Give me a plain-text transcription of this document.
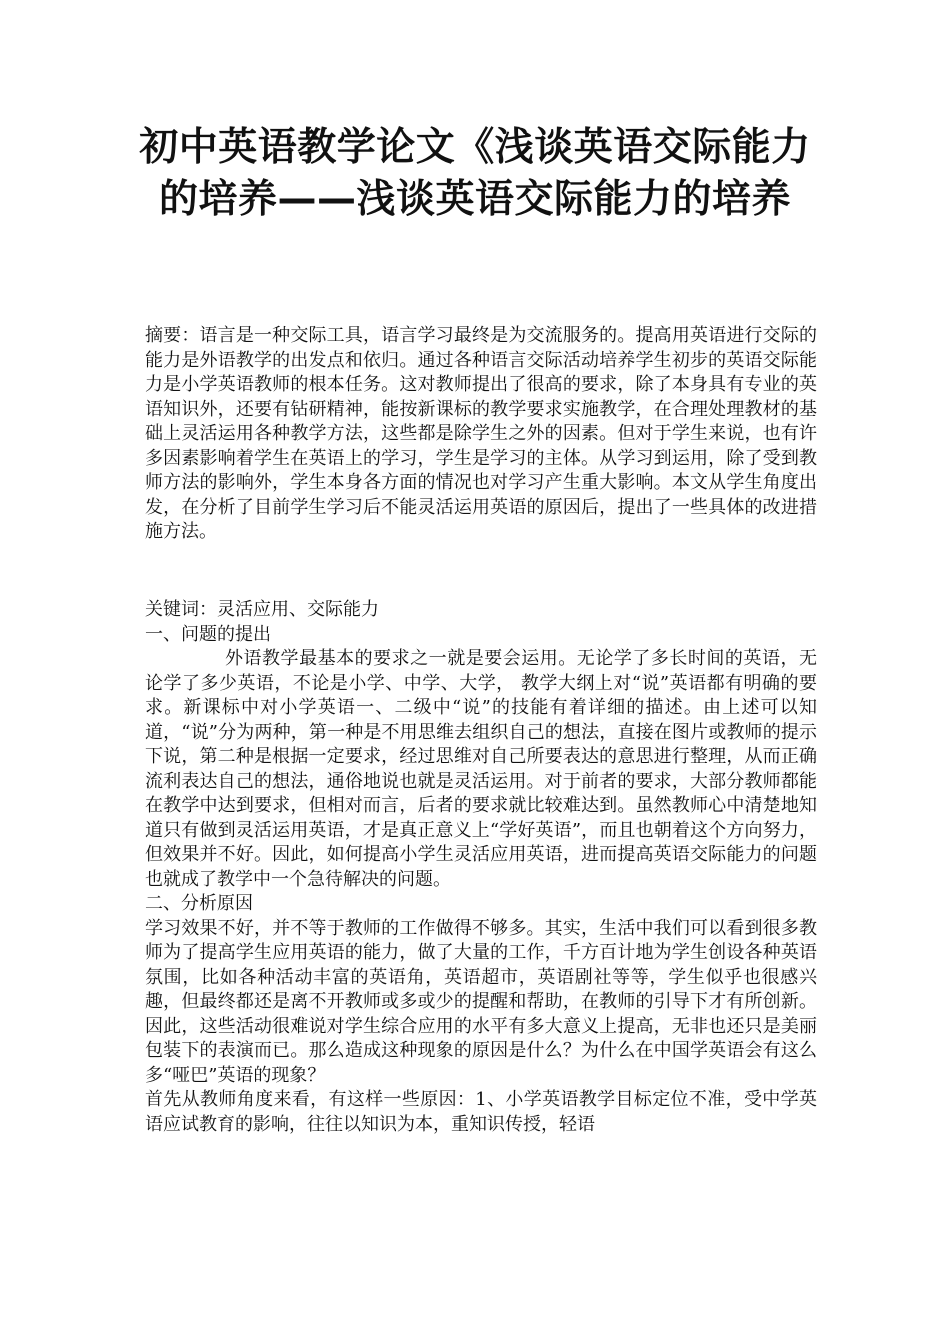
初中英语教学论文《浅谈英语交际能力的培养——浅谈英语交际能力的培养

摘要：语言是一种交际工具，语言学习最终是为交流服务的。提高用英语进行交际的能力是外语教学的出发点和依归。通过各种语言交际活动培养学生初步的英语交际能力是小学英语教师的根本任务。这对教师提出了很高的要求，除了本身具有专业的英语知识外，还要有钻研精神，能按新课标的教学要求实施教学，在合理处理教材的基础上灵活运用各种教学方法，这些都是除学生之外的因素。但对于学生来说，也有许多因素影响着学生在英语上的学习，学生是学习的主体。从学习到运用，除了受到教师方法的影响外，学生本身各方面的情况也对学习产生重大影响。本文从学生角度出发，在分析了目前学生学习后不能灵活运用英语的原因后，提出了一些具体的改进措施方法。

关键词：灵活应用、交际能力

一、问题的提出

外语教学最基本的要求之一就是要会运用。无论学了多长时间的英语，无论学了多少英语，不论是小学、中学、大学， 教学大纲上对“说”英语都有明确的要求。新课标中对小学英语一、二级中“说”的技能有着详细的描述。由上述可以知道，“说”分为两种，第一种是不用思维去组织自己的想法，直接在图片或教师的提示下说，第二种是根据一定要求，经过思维对自己所要表达的意思进行整理，从而正确流利表达自己的想法，通俗地说也就是灵活运用。对于前者的要求，大部分教师都能在教学中达到要求，但相对而言，后者的要求就比较难达到。虽然教师心中清楚地知道只有做到灵活运用英语，才是真正意义上“学好英语”，而且也朝着这个方向努力，但效果并不好。因此，如何提高小学生灵活应用英语，进而提高英语交际能力的问题也就成了教学中一个急待解决的问题。

二、分析原因

学习效果不好，并不等于教师的工作做得不够多。其实，生活中我们可以看到很多教师为了提高学生应用英语的能力，做了大量的工作，千方百计地为学生创设各种英语氛围，比如各种活动丰富的英语角，英语超市，英语剧社等等，学生似乎也很感兴趣，但最终都还是离不开教师或多或少的提醒和帮助，在教师的引导下才有所创新。因此，这些活动很难说对学生综合应用的水平有多大意义上提高，无非也还只是美丽包装下的表演而已。那么造成这种现象的原因是什么？为什么在中国学英语会有这么多“哑巴”英语的现象？

首先从教师角度来看，有这样一些原因：1、小学英语教学目标定位不准，受中学英语应试教育的影响，往往以知识为本，重知识传授，轻语
